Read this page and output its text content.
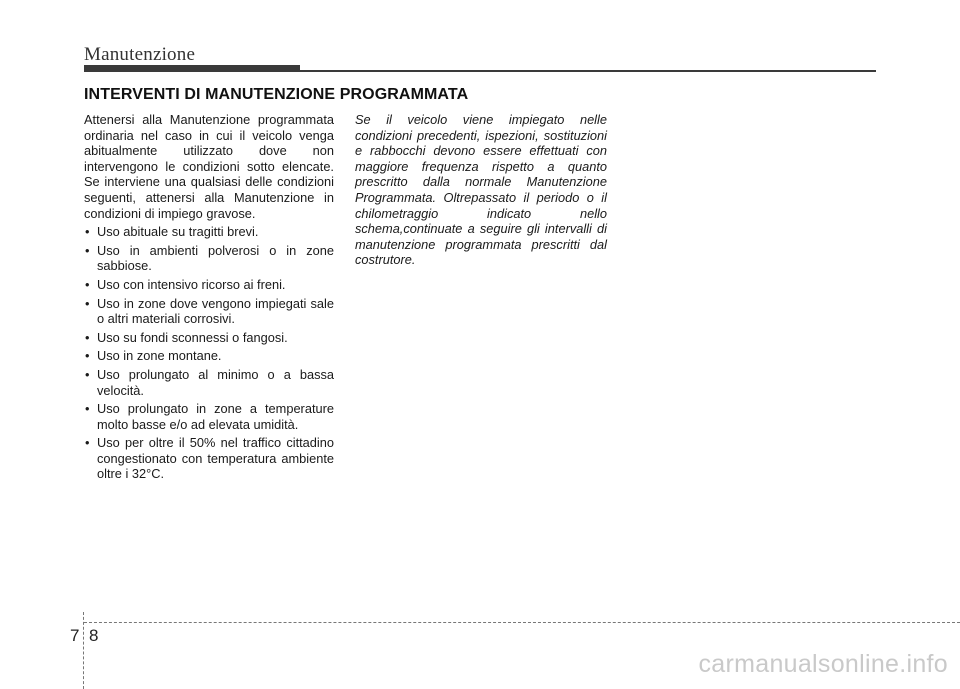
Manutenzione
INTERVENTI DI MANUTENZIONE PROGRAMMATA

Attenersi alla Manutenzione programmata ordinaria nel caso in cui il veicolo venga abitualmente utilizzato dove non intervengono le condizioni sotto elencate. Se interviene una qualsiasi delle condizioni seguenti, attenersi alla Manutenzione in condizioni di impiego gravose.

• Uso abituale su tragitti brevi.
• Uso in ambienti polverosi o in zone sabbiose.
• Uso con intensivo ricorso ai freni.
• Uso in zone dove vengono impiegati sale o altri materiali corrosivi.
• Uso su fondi sconnessi o fangosi.
• Uso in zone montane.
• Uso prolungato al minimo o a bassa velocità.
• Uso prolungato in zone a temperature molto basse e/o ad elevata umidità.
• Uso per oltre il 50% nel traffico cittadino congestionato con temperatura ambiente oltre i 32°C.

Se il veicolo viene impiegato nelle condizioni precedenti, ispezioni, sostituzioni e rabbocchi devono essere effettuati con maggiore frequenza rispetto a quanto prescritto dalla normale Manutenzione Programmata. Oltrepassato il periodo o il chilometraggio indicato nello schema,continuate a seguire gli intervalli di manutenzione programmata prescritti dal costrutore.

7 8
carmanualsonline.info
